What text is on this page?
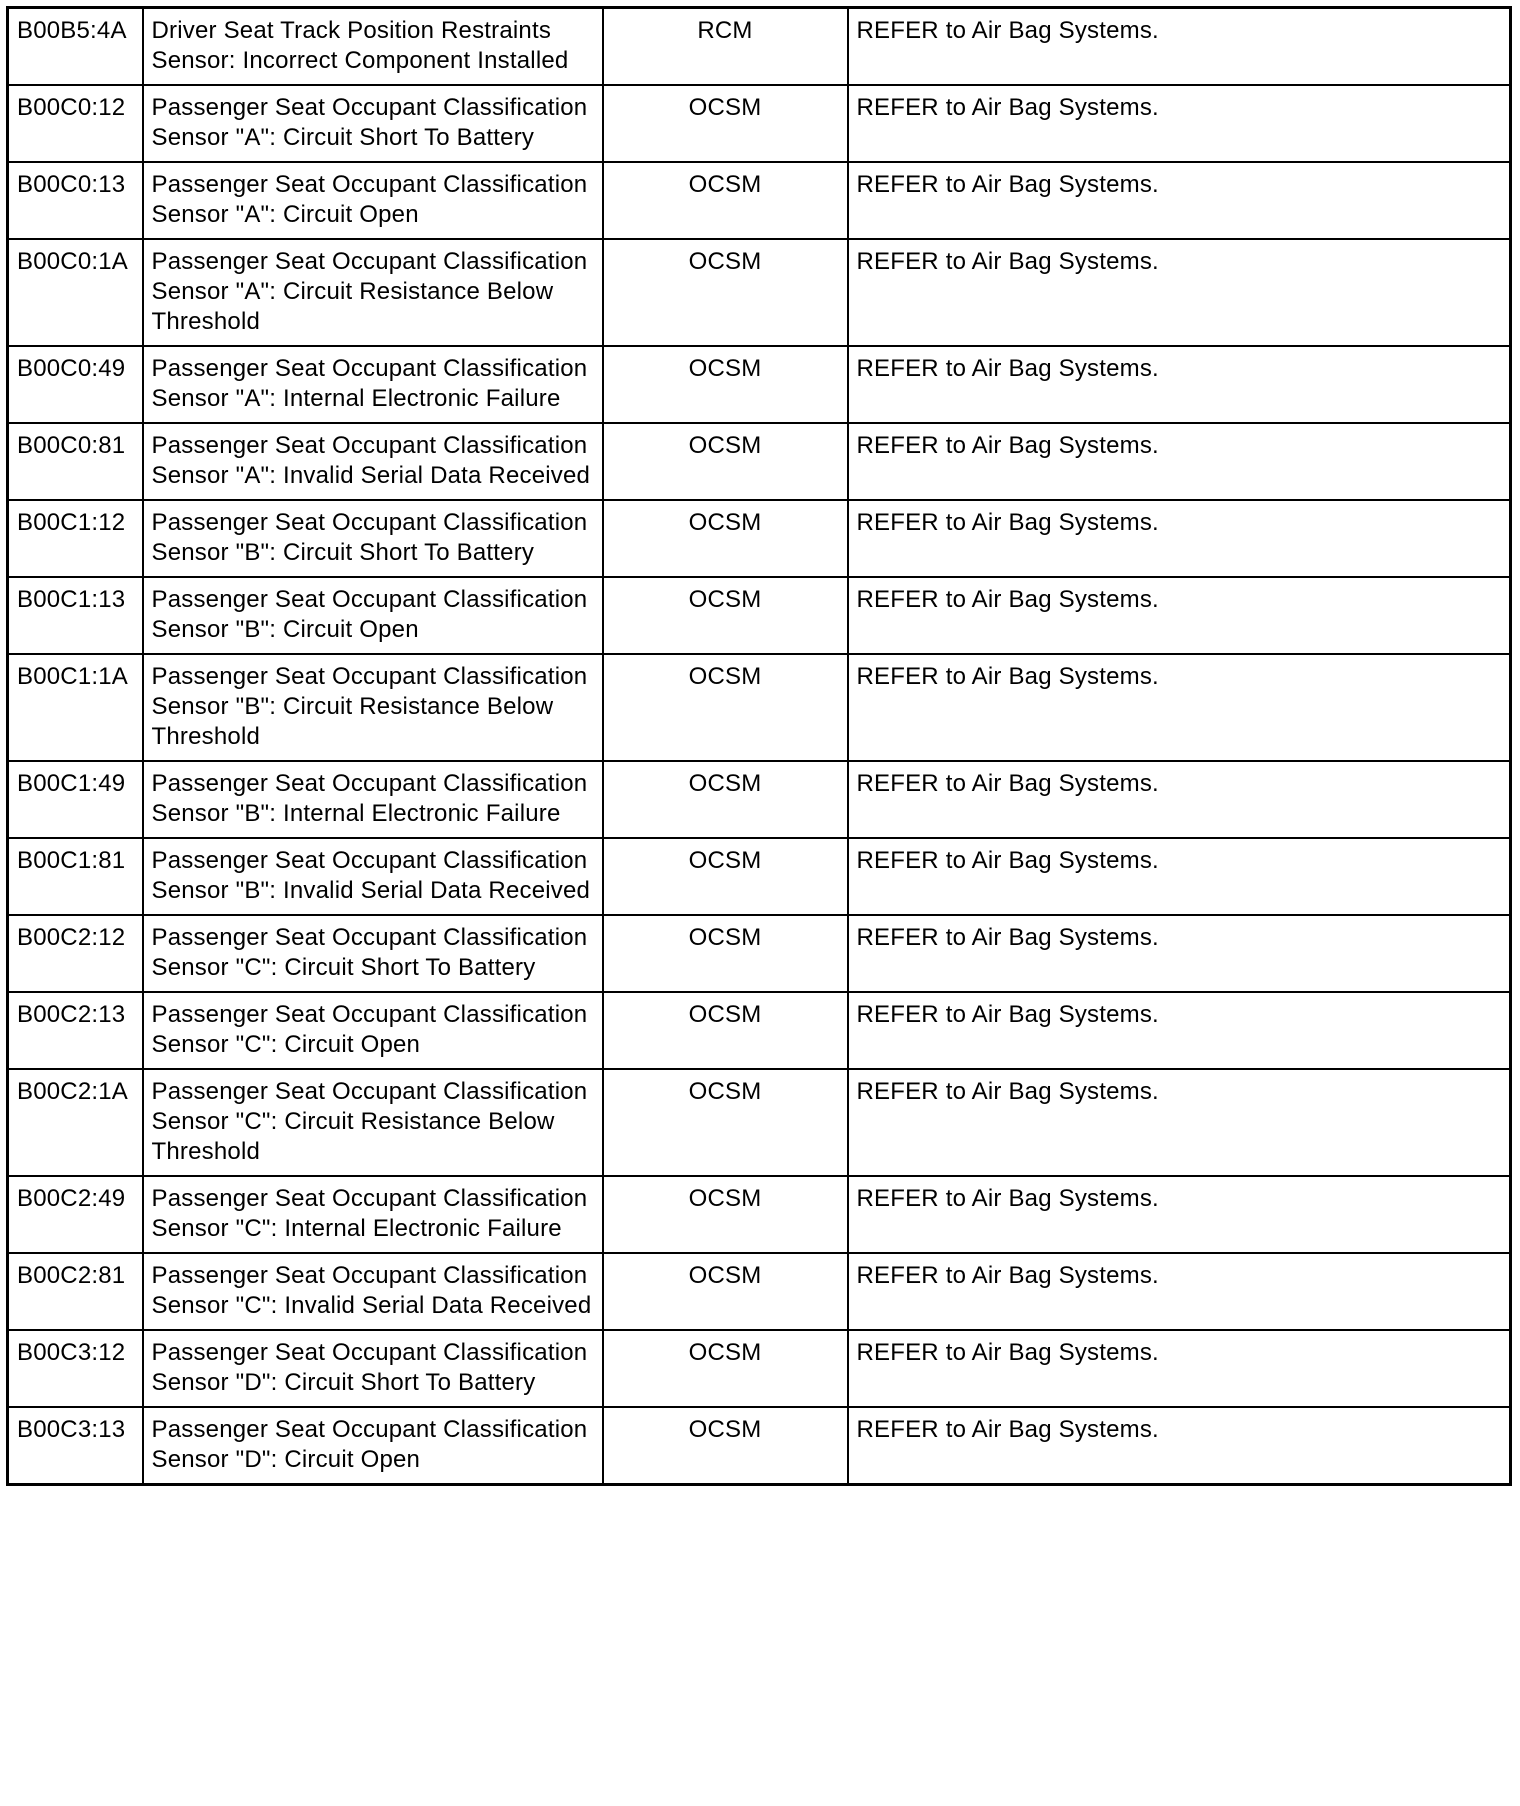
B00B5:4A	Driver Seat Track Position Restraints Sensor: Incorrect Component Installed	RCM	REFER to Air Bag Systems.
B00C0:12	Passenger Seat Occupant Classification Sensor "A": Circuit Short To Battery	OCSM	REFER to Air Bag Systems.
B00C0:13	Passenger Seat Occupant Classification Sensor "A": Circuit Open	OCSM	REFER to Air Bag Systems.
B00C0:1A	Passenger Seat Occupant Classification Sensor "A": Circuit Resistance Below Threshold	OCSM	REFER to Air Bag Systems.
B00C0:49	Passenger Seat Occupant Classification Sensor "A": Internal Electronic Failure	OCSM	REFER to Air Bag Systems.
B00C0:81	Passenger Seat Occupant Classification Sensor "A": Invalid Serial Data Received	OCSM	REFER to Air Bag Systems.
B00C1:12	Passenger Seat Occupant Classification Sensor "B": Circuit Short To Battery	OCSM	REFER to Air Bag Systems.
B00C1:13	Passenger Seat Occupant Classification Sensor "B": Circuit Open	OCSM	REFER to Air Bag Systems.
B00C1:1A	Passenger Seat Occupant Classification Sensor "B": Circuit Resistance Below Threshold	OCSM	REFER to Air Bag Systems.
B00C1:49	Passenger Seat Occupant Classification Sensor "B": Internal Electronic Failure	OCSM	REFER to Air Bag Systems.
B00C1:81	Passenger Seat Occupant Classification Sensor "B": Invalid Serial Data Received	OCSM	REFER to Air Bag Systems.
B00C2:12	Passenger Seat Occupant Classification Sensor "C": Circuit Short To Battery	OCSM	REFER to Air Bag Systems.
B00C2:13	Passenger Seat Occupant Classification Sensor "C": Circuit Open	OCSM	REFER to Air Bag Systems.
B00C2:1A	Passenger Seat Occupant Classification Sensor "C": Circuit Resistance Below Threshold	OCSM	REFER to Air Bag Systems.
B00C2:49	Passenger Seat Occupant Classification Sensor "C": Internal Electronic Failure	OCSM	REFER to Air Bag Systems.
B00C2:81	Passenger Seat Occupant Classification Sensor "C": Invalid Serial Data Received	OCSM	REFER to Air Bag Systems.
B00C3:12	Passenger Seat Occupant Classification Sensor "D": Circuit Short To Battery	OCSM	REFER to Air Bag Systems.
B00C3:13	Passenger Seat Occupant Classification Sensor "D": Circuit Open	OCSM	REFER to Air Bag Systems.
